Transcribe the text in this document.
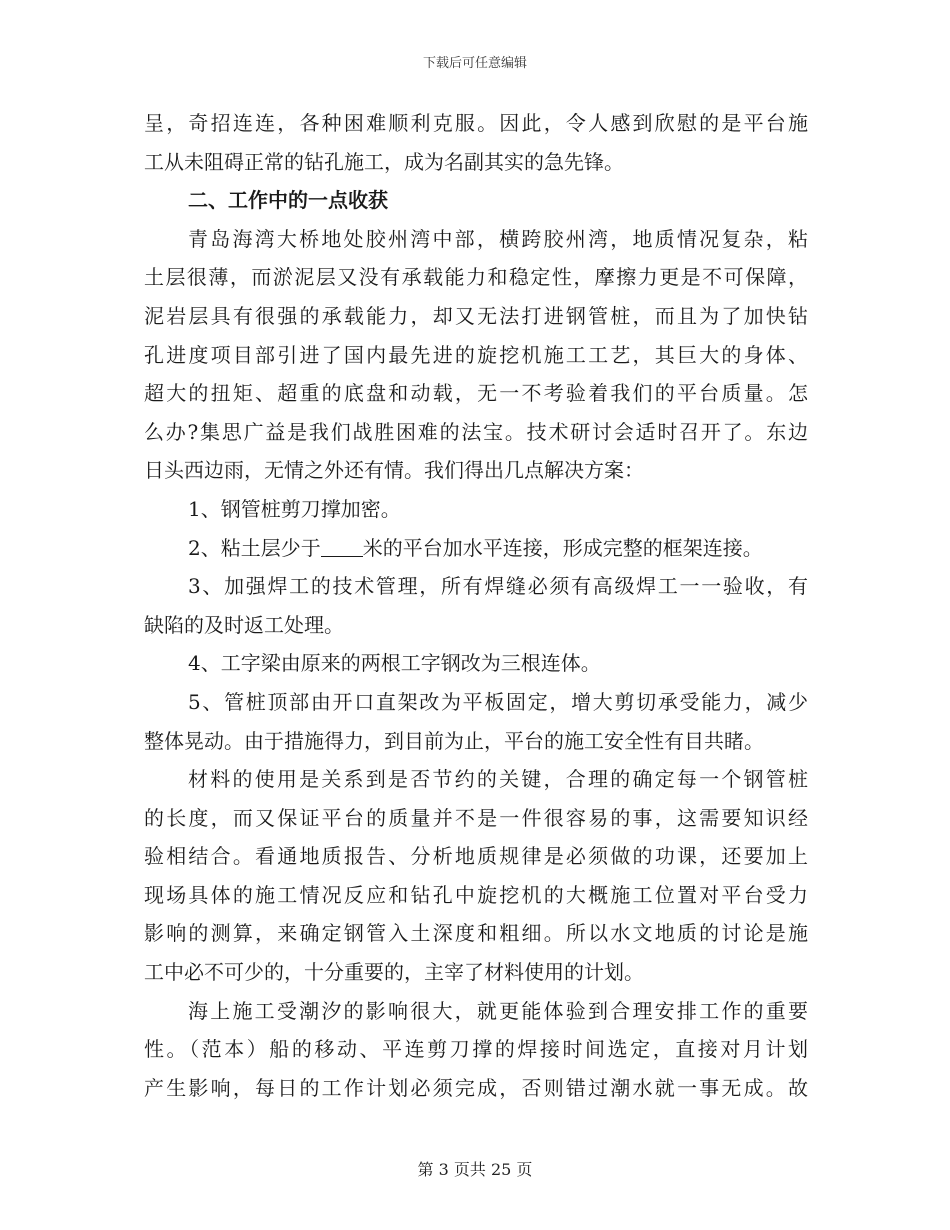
下载后可任意编辑
呈，奇招连连，各种困难顺利克服。因此，令人感到欣慰的是平台施
工从未阻碍正常的钻孔施工，成为名副其实的急先锋。
二、工作中的一点收获
青岛海湾大桥地处胶州湾中部，横跨胶州湾，地质情况复杂，粘
土层很薄，而淤泥层又没有承载能力和稳定性，摩擦力更是不可保障，
泥岩层具有很强的承载能力，却又无法打进钢管桩，而且为了加快钻
孔进度项目部引进了国内最先进的旋挖机施工工艺，其巨大的身体、
超大的扭矩、超重的底盘和动载，无一不考验着我们的平台质量。怎
么办?集思广益是我们战胜困难的法宝。技术研讨会适时召开了。东边
日头西边雨，无情之外还有情。我们得出几点解决方案：
1、钢管桩剪刀撑加密。
2、粘土层少于 米的平台加水平连接，形成完整的框架连接。
3、加强焊工的技术管理，所有焊缝必须有高级焊工一一验收，有
缺陷的及时返工处理。
4、工字梁由原来的两根工字钢改为三根连体。
5、管桩顶部由开口直架改为平板固定，增大剪切承受能力，减少
整体晃动。由于措施得力，到目前为止，平台的施工安全性有目共睹。
材料的使用是关系到是否节约的关键，合理的确定每一个钢管桩
的长度，而又保证平台的质量并不是一件很容易的事，这需要知识经
验相结合。看通地质报告、分析地质规律是必须做的功课，还要加上
现场具体的施工情况反应和钻孔中旋挖机的大概施工位置对平台受力
影响的测算，来确定钢管入土深度和粗细。所以水文地质的讨论是施
工中必不可少的，十分重要的，主宰了材料使用的计划。
海上施工受潮汐的影响很大，就更能体验到合理安排工作的重要
性。（范本）船的移动、平连剪刀撑的焊接时间选定，直接对月计划
产生影响，每日的工作计划必须完成，否则错过潮水就一事无成。故
第 3 页共 25 页
